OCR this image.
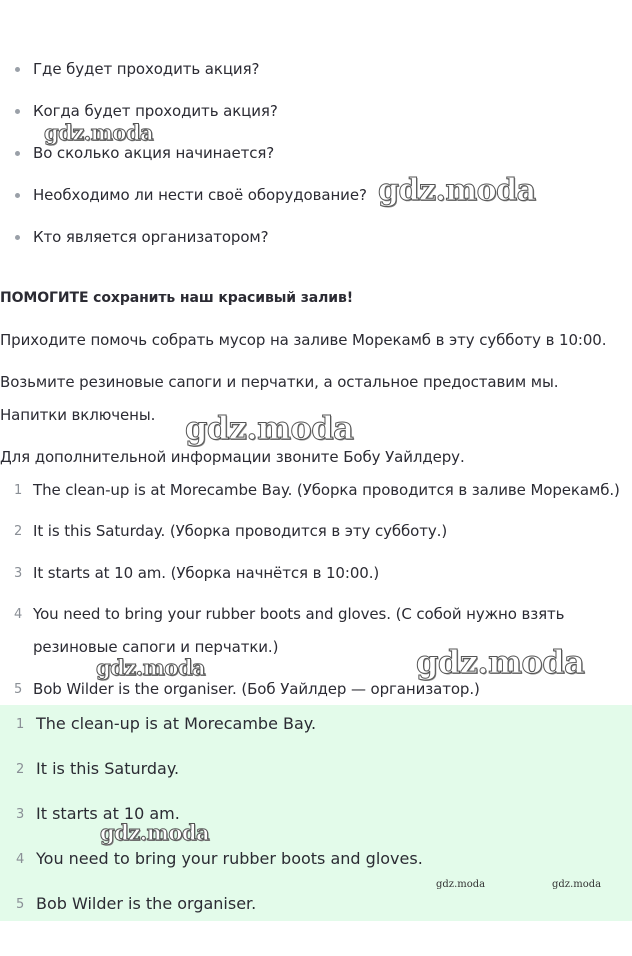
Где будет проходить акция?
Когда будет проходить акция?
Во сколько акция начинается?
Необходимо ли нести своё оборудование?
Кто является организатором?
ПОМОГИТЕ сохранить наш красивый залив!
Приходите помочь собрать мусор на заливе Морекамб в эту субботу в 10:00.
Возьмите резиновые сапоги и перчатки, а остальное предоставим мы.
Напитки включены.
Для дополнительной информации звоните Бобу Уайлдеру.
1 The clean-up is at Morecambe Bay. (Уборка проводится в заливе Морекамб.)
2 It is this Saturday. (Уборка проводится в эту субботу.)
3 It starts at 10 am. (Уборка начнётся в 10:00.)
4 You need to bring your rubber boots and gloves. (С собой нужно взять
резиновые сапоги и перчатки.)
5 Bob Wilder is the organiser. (Боб Уайлдер — организатор.)
1 The clean-up is at Morecambe Bay.
2 It is this Saturday.
3 It starts at 10 am.
4 You need to bring your rubber boots and gloves.
5 Bob Wilder is the organiser.
gdz.moda
gdz.moda
gdz.moda
gdz.moda	gdz.moda
gdz.moda
gdz.moda	gdz.moda
